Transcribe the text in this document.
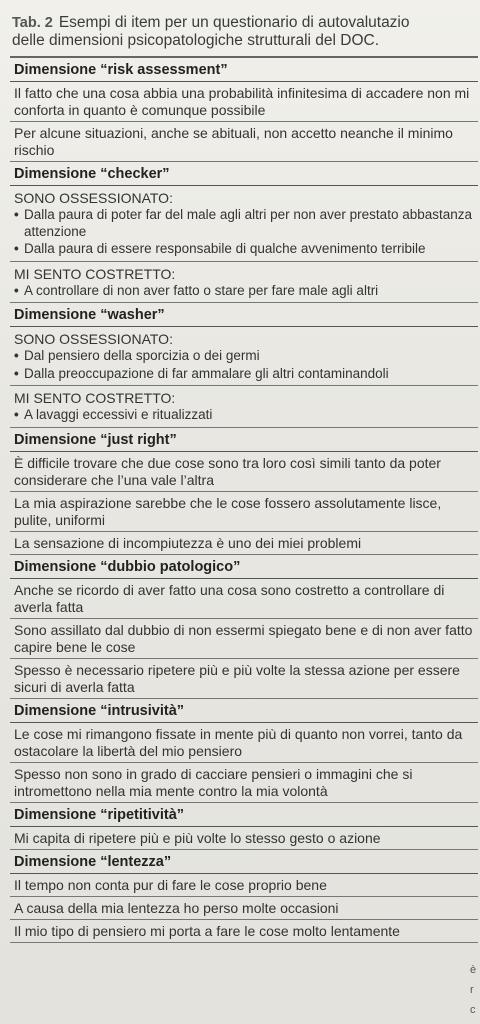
Tab. 2 Esempi di item per un questionario di autovalutazio
delle dimensioni psicopatologiche strutturali del DOC.
Dimensione “risk assessment”
Il fatto che una cosa abbia una probabilità infinitesima di accadere non mi conforta in quanto è comunque possibile
Per alcune situazioni, anche se abituali, non accetto neanche il minimo rischio
Dimensione “checker”
SONO OSSESSIONATO:
• Dalla paura di poter far del male agli altri per non aver prestato abbastanza attenzione
• Dalla paura di essere responsabile di qualche avvenimento terribile
MI SENTO COSTRETTO:
• A controllare di non aver fatto o stare per fare male agli altri
Dimensione “washer”
SONO OSSESSIONATO:
• Dal pensiero della sporcizia o dei germi
• Dalla preoccupazione di far ammalare gli altri contaminandoli
MI SENTO COSTRETTO:
• A lavaggi eccessivi e ritualizzati
Dimensione “just right”
È difficile trovare che due cose sono tra loro così simili tanto da poter considerare che l’una vale l’altra
La mia aspirazione sarebbe che le cose fossero assolutamente lisce, pulite, uniformi
La sensazione di incompiutezza è uno dei miei problemi
Dimensione “dubbio patologico”
Anche se ricordo di aver fatto una cosa sono costretto a controllare di averla fatta
Sono assillato dal dubbio di non essermi spiegato bene e di non aver fatto capire bene le cose
Spesso è necessario ripetere più e più volte la stessa azione per essere sicuri di averla fatta
Dimensione “intrusività”
Le cose mi rimangono fissate in mente più di quanto non vorrei, tanto da ostacolare la libertà del mio pensiero
Spesso non sono in grado di cacciare pensieri o immagini che si intromettono nella mia mente contro la mia volontà
Dimensione “ripetitività”
Mi capita di ripetere più e più volte lo stesso gesto o azione
Dimensione “lentezza”
Il tempo non conta pur di fare le cose proprio bene
A causa della mia lentezza ho perso molte occasioni
Il mio tipo di pensiero mi porta a fare le cose molto lentamente
è
r
c
